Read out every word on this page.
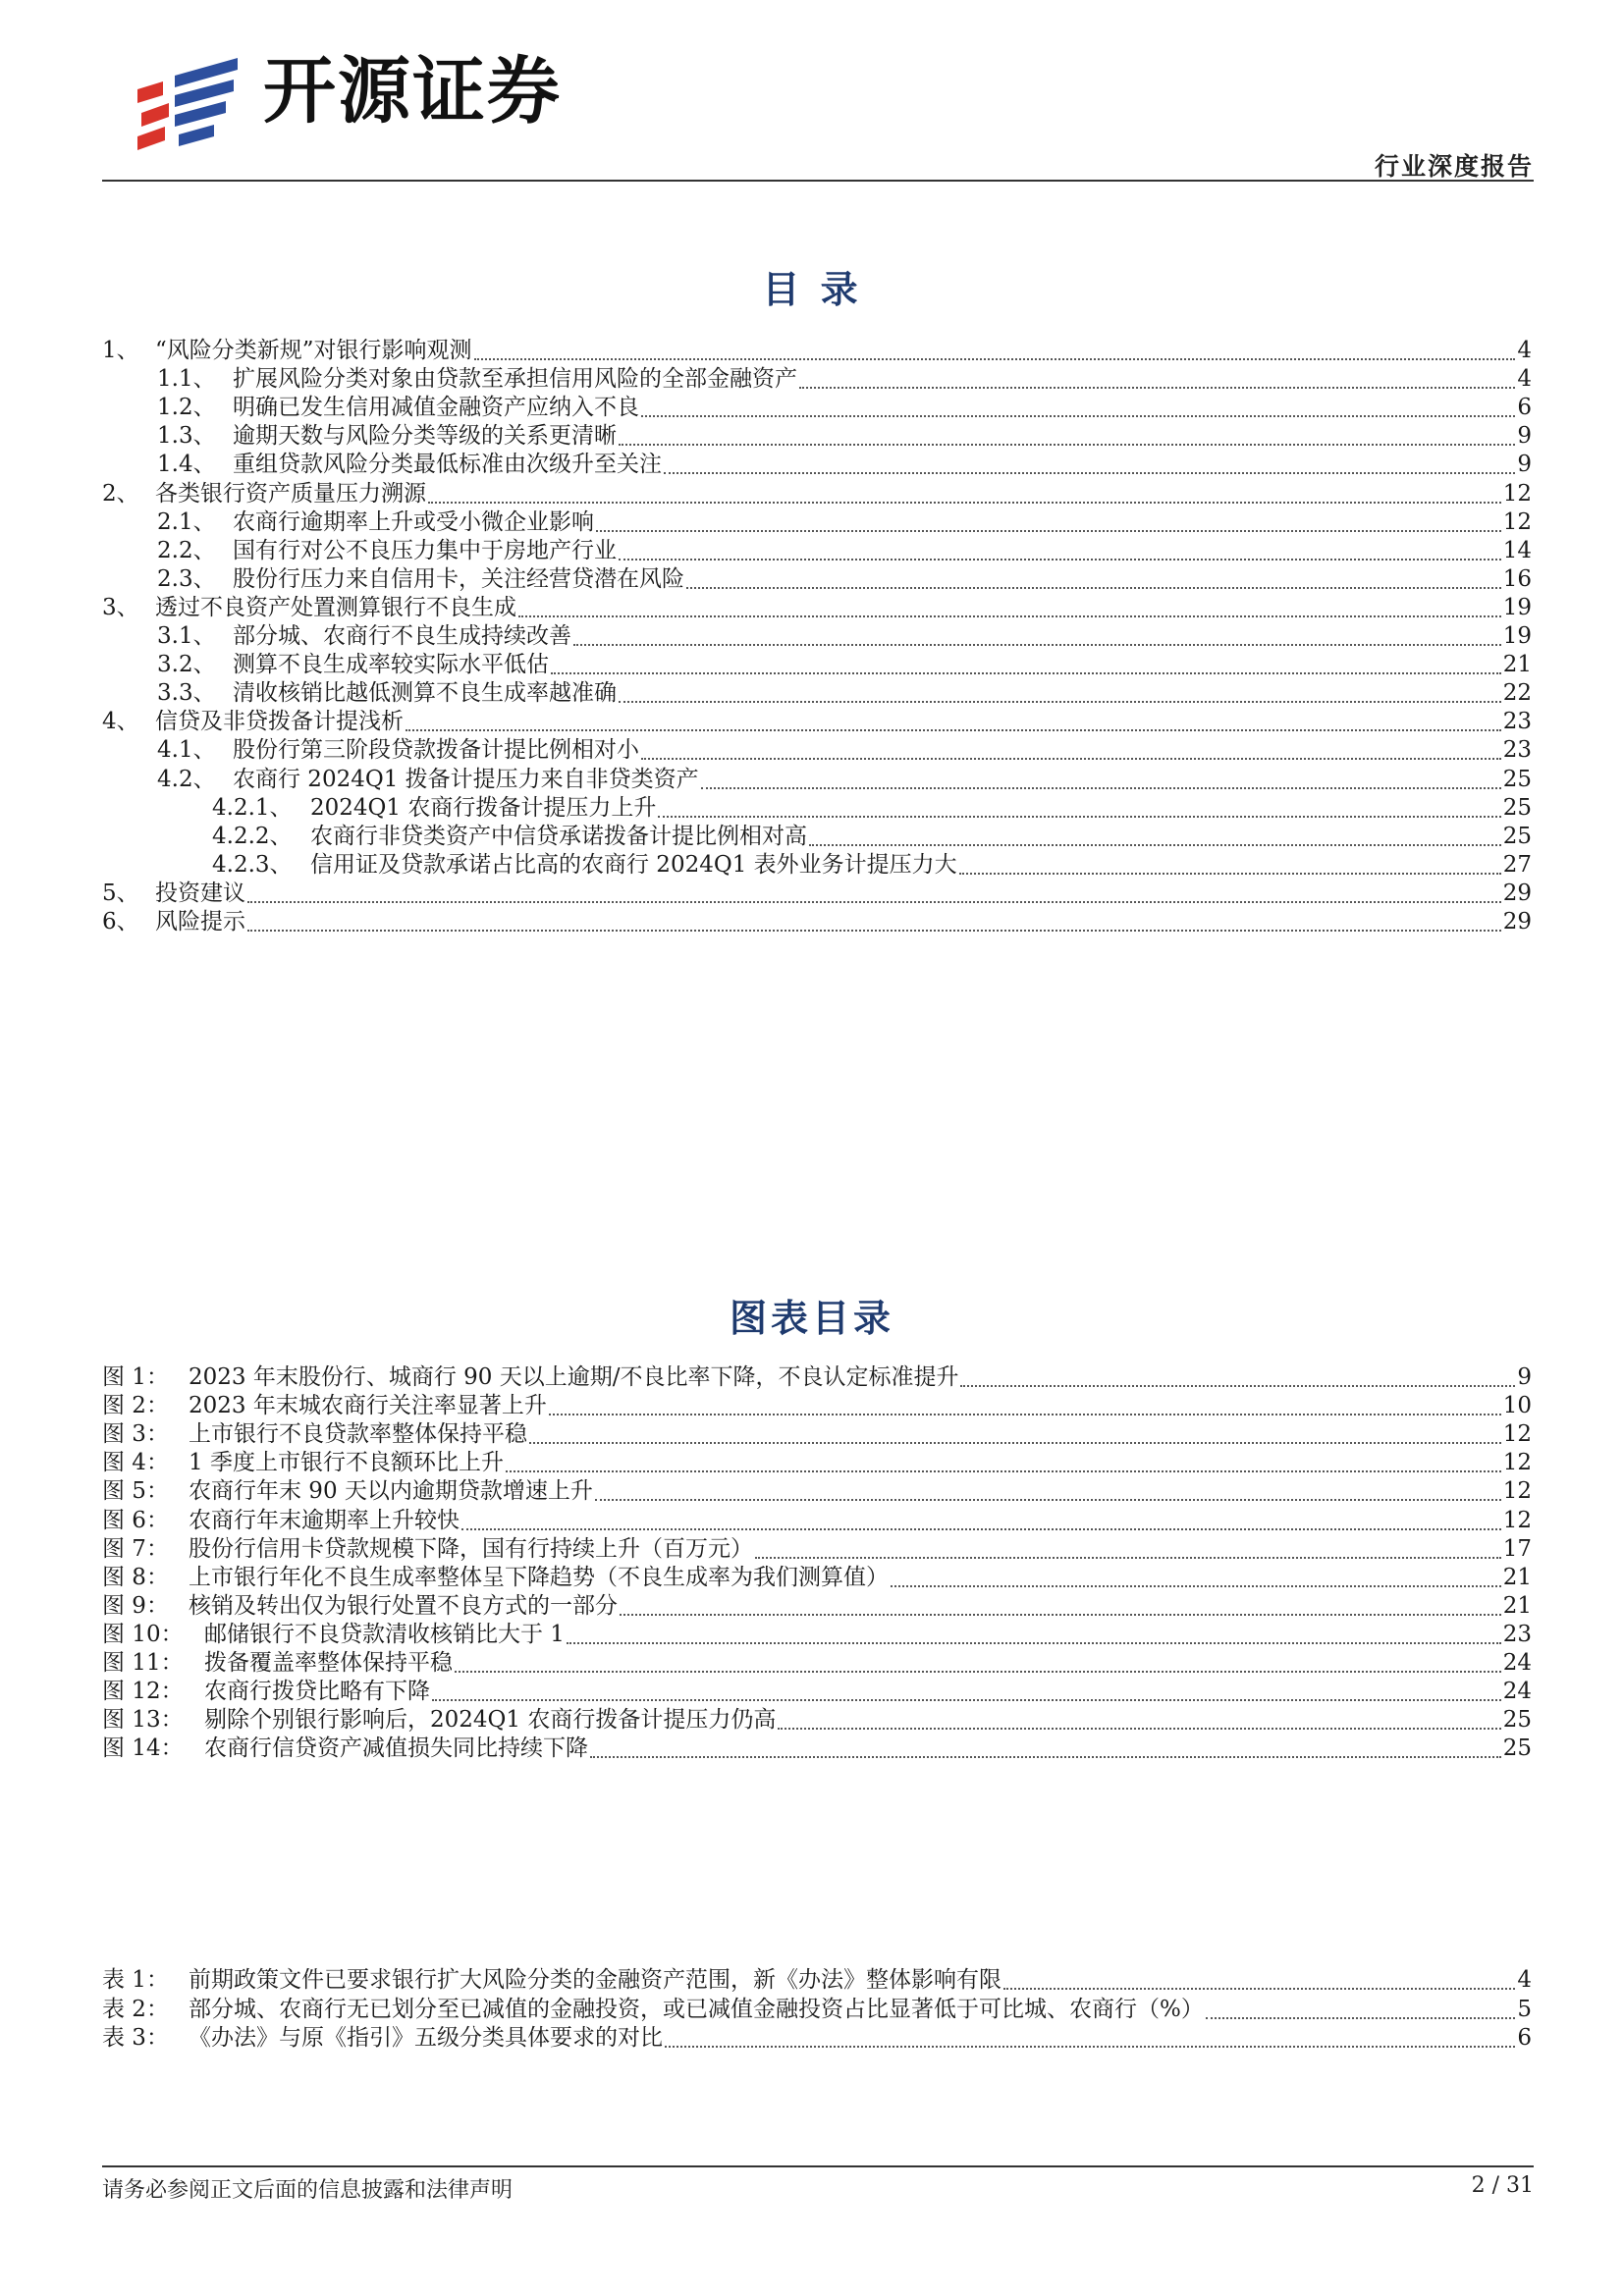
开源证券
行业深度报告
目 录
1、 “风险分类新规”对银行影响观测	4
1.1、 扩展风险分类对象由贷款至承担信用风险的全部金融资产	4
1.2、 明确已发生信用减值金融资产应纳入不良	6
1.3、 逾期天数与风险分类等级的关系更清晰	9
1.4、 重组贷款风险分类最低标准由次级升至关注	9
2、 各类银行资产质量压力溯源	12
2.1、 农商行逾期率上升或受小微企业影响	12
2.2、 国有行对公不良压力集中于房地产行业	14
2.3、 股份行压力来自信用卡，关注经营贷潜在风险	16
3、 透过不良资产处置测算银行不良生成	19
3.1、 部分城、农商行不良生成持续改善	19
3.2、 测算不良生成率较实际水平低估	21
3.3、 清收核销比越低测算不良生成率越准确	22
4、 信贷及非贷拨备计提浅析	23
4.1、 股份行第三阶段贷款拨备计提比例相对小	23
4.2、 农商行 2024Q1 拨备计提压力来自非贷类资产	25
4.2.1、 2024Q1 农商行拨备计提压力上升	25
4.2.2、 农商行非贷类资产中信贷承诺拨备计提比例相对高	25
4.2.3、 信用证及贷款承诺占比高的农商行 2024Q1 表外业务计提压力大	27
5、 投资建议	29
6、 风险提示	29
图表目录
图 1： 2023 年末股份行、城商行 90 天以上逾期/不良比率下降，不良认定标准提升	9
图 2： 2023 年末城农商行关注率显著上升	10
图 3： 上市银行不良贷款率整体保持平稳	12
图 4： 1 季度上市银行不良额环比上升	12
图 5： 农商行年末 90 天以内逾期贷款增速上升	12
图 6： 农商行年末逾期率上升较快	12
图 7： 股份行信用卡贷款规模下降，国有行持续上升（百万元）	17
图 8： 上市银行年化不良生成率整体呈下降趋势（不良生成率为我们测算值）	21
图 9： 核销及转出仅为银行处置不良方式的一部分	21
图 10： 邮储银行不良贷款清收核销比大于 1	23
图 11： 拨备覆盖率整体保持平稳	24
图 12： 农商行拨贷比略有下降	24
图 13： 剔除个别银行影响后，2024Q1 农商行拨备计提压力仍高	25
图 14： 农商行信贷资产减值损失同比持续下降	25
表 1： 前期政策文件已要求银行扩大风险分类的金融资产范围，新《办法》整体影响有限	4
表 2： 部分城、农商行无已划分至已减值的金融投资，或已减值金融投资占比显著低于可比城、农商行（%）	5
表 3： 《办法》与原《指引》五级分类具体要求的对比	6
请务必参阅正文后面的信息披露和法律声明	2 / 31
